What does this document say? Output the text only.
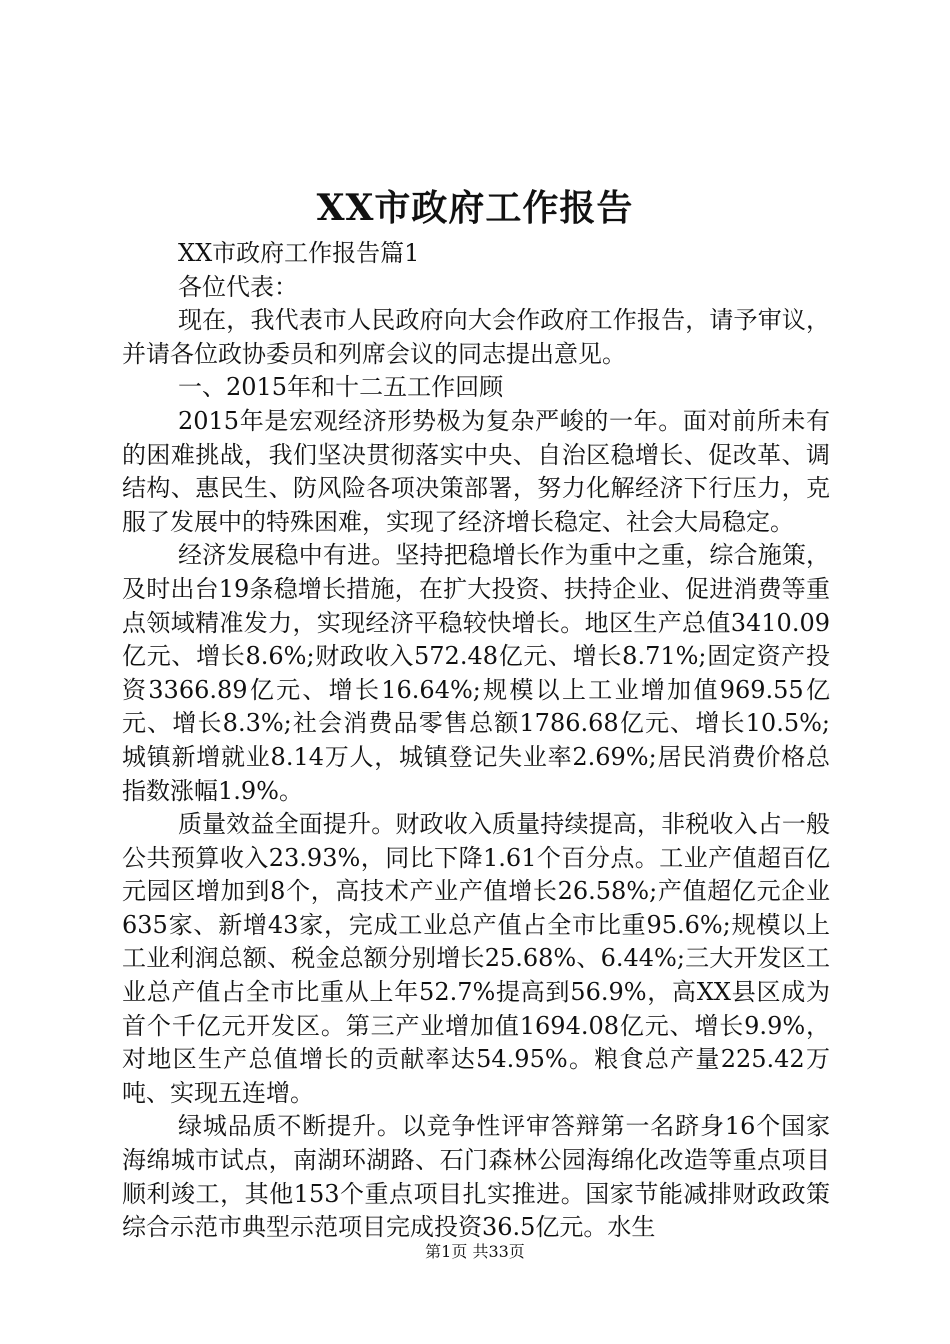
XX市政府工作报告

XX市政府工作报告篇1

各位代表：

现在，我代表市人民政府向大会作政府工作报告，请予审议，并请各位政协委员和列席会议的同志提出意见。

一、2015年和十二五工作回顾

2015年是宏观经济形势极为复杂严峻的一年。面对前所未有的困难挑战，我们坚决贯彻落实中央、自治区稳增长、促改革、调结构、惠民生、防风险各项决策部署，努力化解经济下行压力，克服了发展中的特殊困难，实现了经济增长稳定、社会大局稳定。

经济发展稳中有进。坚持把稳增长作为重中之重，综合施策，及时出台19条稳增长措施，在扩大投资、扶持企业、促进消费等重点领域精准发力，实现经济平稳较快增长。地区生产总值3410.09亿元、增长8.6%;财政收入572.48亿元、增长8.71%;固定资产投资3366.89亿元、增长16.64%;规模以上工业增加值969.55亿元、增长8.3%;社会消费品零售总额1786.68亿元、增长10.5%;城镇新增就业8.14万人，城镇登记失业率2.69%;居民消费价格总指数涨幅1.9%。

质量效益全面提升。财政收入质量持续提高，非税收入占一般公共预算收入23.93%，同比下降1.61个百分点。工业产值超百亿元园区增加到8个，高技术产业产值增长26.58%;产值超亿元企业635家、新增43家，完成工业总产值占全市比重95.6%;规模以上工业利润总额、税金总额分别增长25.68%、6.44%;三大开发区工业总产值占全市比重从上年52.7%提高到56.9%，高XX县区成为首个千亿元开发区。第三产业增加值1694.08亿元、增长9.9%，对地区生产总值增长的贡献率达54.95%。粮食总产量225.42万吨、实现五连增。

绿城品质不断提升。以竞争性评审答辩第一名跻身16个国家海绵城市试点，南湖环湖路、石门森林公园海绵化改造等重点项目顺利竣工，其他153个重点项目扎实推进。国家节能减排财政政策综合示范市典型示范项目完成投资36.5亿元。水生

第1页 共33页
